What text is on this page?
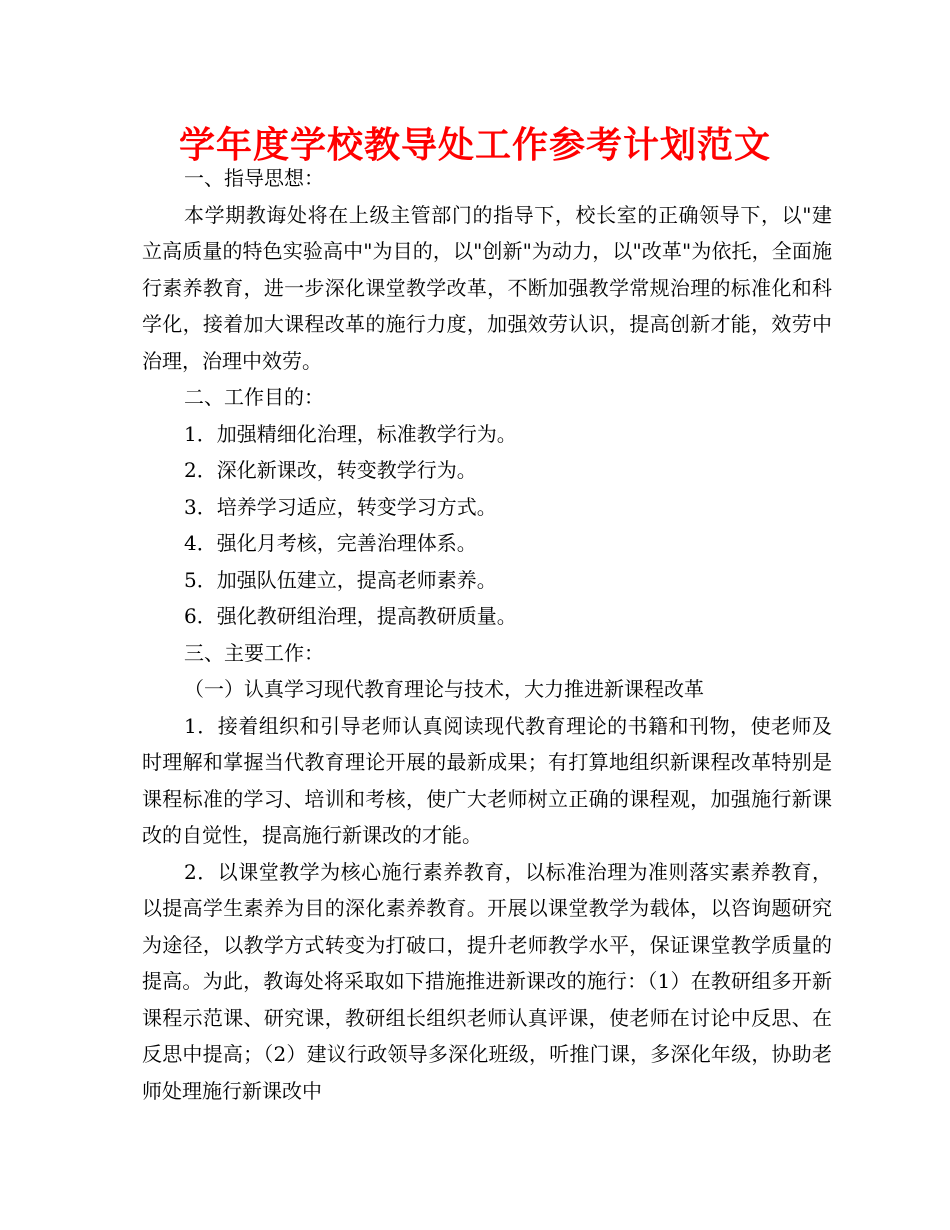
学年度学校教导处工作参考计划范文

一、指导思想：

本学期教诲处将在上级主管部门的指导下，校长室的正确领导下，以"建立高质量的特色实验高中"为目的，以"创新"为动力，以"改革"为依托，全面施行素养教育，进一步深化课堂教学改革，不断加强教学常规治理的标准化和科学化，接着加大课程改革的施行力度，加强效劳认识，提高创新才能，效劳中治理，治理中效劳。

二、工作目的：

1．加强精细化治理，标准教学行为。

2．深化新课改，转变教学行为。

3．培养学习适应，转变学习方式。

4．强化月考核，完善治理体系。

5．加强队伍建立，提高老师素养。

6．强化教研组治理，提高教研质量。

三、主要工作：

（一）认真学习现代教育理论与技术，大力推进新课程改革

1．接着组织和引导老师认真阅读现代教育理论的书籍和刊物，使老师及时理解和掌握当代教育理论开展的最新成果；有打算地组织新课程改革特别是课程标准的学习、培训和考核，使广大老师树立正确的课程观，加强施行新课改的自觉性，提高施行新课改的才能。

2．以课堂教学为核心施行素养教育，以标准治理为准则落实素养教育，以提高学生素养为目的深化素养教育。开展以课堂教学为载体，以咨询题研究为途径，以教学方式转变为打破口，提升老师教学水平，保证课堂教学质量的提高。为此，教诲处将采取如下措施推进新课改的施行：（1）在教研组多开新课程示范课、研究课，教研组长组织老师认真评课，使老师在讨论中反思、在反思中提高；（2）建议行政领导多深化班级，听推门课，多深化年级，协助老师处理施行新课改中
